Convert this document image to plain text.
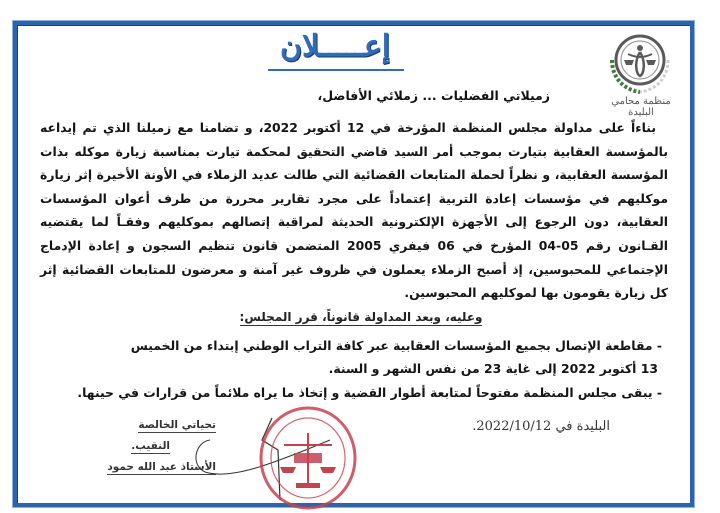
منظمة محامي البليدة
إعـــــلان
زميلاتي الفضليات ... زملائي الأفاضل،

بناءاً على مداولة مجلس المنظمة المؤرخة في 12 أكتوبر 2022، و تضامنا مع زميلنا الذي تم إيداعه بالمؤسسة العقابية بتيارت بموجب أمر السيد قاضي التحقيق لمحكمة تيارت بمناسبة زيارة موكله بذات المؤسسة العقابية، و نظراً لحملة المتابعات القضائية التي طالت عديد الزملاء في الأونة الأخيرة إثر زيارة موكليهم في مؤسسات إعادة التربية إعتماداً على مجرد تقارير محررة من طرف أعوان المؤسسات العقابية، دون الرجوع إلى الأجهزة الإلكترونية الحديثة لمراقبة إتصالهم بموكليهم وفقـاً لما يقتضيه القـانون رقم 05-04 المؤرخ في 06 فيفري 2005 المتضمن قانون تنظيم السجون و إعادة الإدماج الإجتماعي للمحبوسين، إذ أصبح الزملاء يعملون في ظروف غير آمنة و معرضون للمتابعات القضائية إثر كل زيارة يقومون بها لموكليهم المحبوسين.

وعليه، وبعد المداولة قانوناً، قرر المجلس:
- مقاطعة الإتصال بجميع المؤسسات العقابية عبر كافة التراب الوطني إبتداء من الخميس
13 أكتوبر 2022 إلى غاية 23 من نفس الشهر و السنة.
- يبقى مجلس المنظمة مفتوحاً لمتابعة أطوار القضية و إتخاذ ما يراه ملائماً من قرارات في حينها.
البليدة في 2022/10/12.
تحياتي الخالصة
النقيب.
الأستاذ عبد الله حمود
